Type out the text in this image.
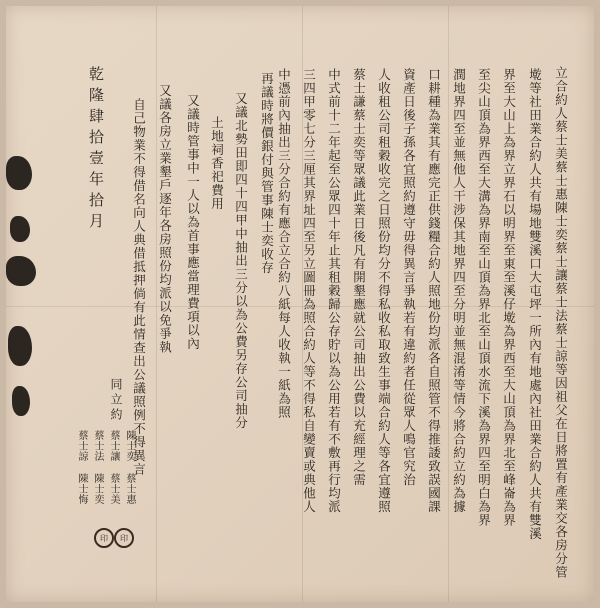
立合約人蔡士美蔡士惠陳士奕蔡士讓蔡士法蔡士諒等因祖父在日將置有產業交各房分管
墘等社田業合約人共有場地雙溪口大屯坪一所內有地處內社田業合約人共有雙溪
界至大山上為界立界石以明界至東至溪仔墘為界西至大山頂為界北至峰崙為界
至尖山頂為界西至大溝為界南至山頂為界北至山頂水流下溪為界四至明白為界
潤地界四至並無他人干涉保其地界四至分明並無混淆等情今將合約立約為據
口耕種為業其有應完正供錢糧合約人照地份均派各自照管不得推諉致誤國課
資產日後子孫各宜照約遵守毋得異言爭執若有違約者任從眾人鳴官究治
人收租公司租穀收完之日照份均分不得私收私取致生事端合約人等各宜遵照
蔡士謙蔡士奕等眾議此業日後凡有開墾應就公司抽出公費以充經理之需
中式前十二年起至公眾四十年止其租穀歸公存貯以為公用若有不敷再行均派
三四甲零七分三厘其界址四至另立圖冊為照合約人等不得私自變賣或典他人
中憑前內抽出三分合約有應合立合約八紙每人收執一紙為照
再議時將價銀付與管事陳士奕收存
又議北勢田即四十四甲中抽出三分以為公費另存公司抽分
土地祠香祀費用
又議時管事中一人以為首事應當理費項以內
又議各房立業墾戶逐年各房照份均派以免爭執
自己物業不得借名向人典借抵押倘有此情查出公議照例不得異言
乾隆肆拾壹年拾月
同立約
陳士奕 蔡士惠
蔡士讓 蔡士美
蔡士法 陳士奕
蔡士諒 陳士悔
印
印
